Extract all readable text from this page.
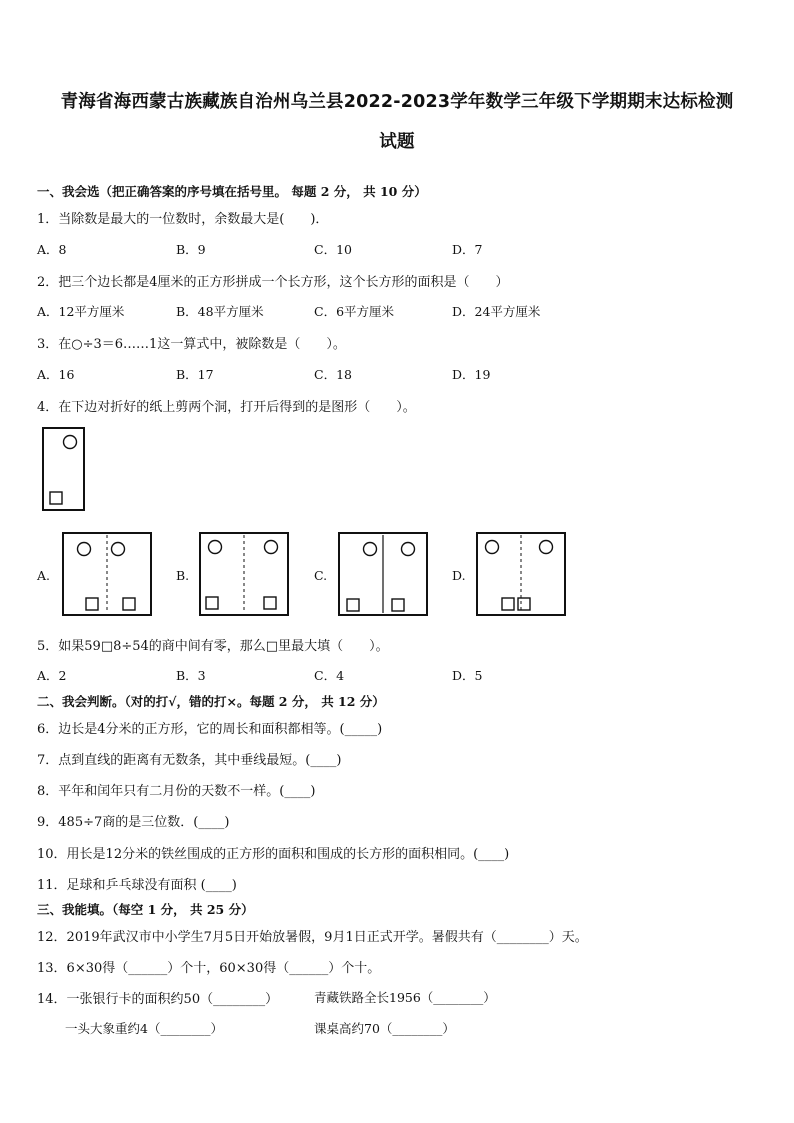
青海省海西蒙古族藏族自治州乌兰县2022-2023学年数学三年级下学期期末达标检测
试题
一、我会选（把正确答案的序号填在括号里。 每题 2 分， 共 10 分）
1．当除数是最大的一位数时，余数最大是(　　)．
A．8	B．9	C．10	D．7
2．把三个边长都是4厘米的正方形拼成一个长方形，这个长方形的面积是（　　）
A．12平方厘米	B．48平方厘米	C．6平方厘米	D．24平方厘米
3．在○÷3＝6……1这一算式中，被除数是（　　）。
A．16	B．17	C．18	D．19
4．在下边对折好的纸上剪两个洞，打开后得到的是图形（　　）。
A.	B.	C.	D.
5．如果59□8÷54的商中间有零，那么□里最大填（　　）。
A．2	B．3	C．4	D．5
二、我会判断。（对的打√，错的打×。每题 2 分， 共 12 分）
6．边长是4分米的正方形，它的周长和面积都相等。(_____)
7．点到直线的距离有无数条，其中垂线最短。(____)
8．平年和闰年只有二月份的天数不一样。(____)
9．485÷7商的是三位数．(____)
10．用长是12分米的铁丝围成的正方形的面积和围成的长方形的面积相同。(____)
11．足球和乒乓球没有面积 (____)
三、我能填。（每空 1 分， 共 25 分）
12．2019年武汉市中小学生7月5日开始放暑假，9月1日正式开学。暑假共有（________）天。
13．6×30得（______）个十，60×30得（______）个十。
14．一张银行卡的面积约50（________）	青藏铁路全长1956（________）
一头大象重约4（________）	课桌高约70（________）
